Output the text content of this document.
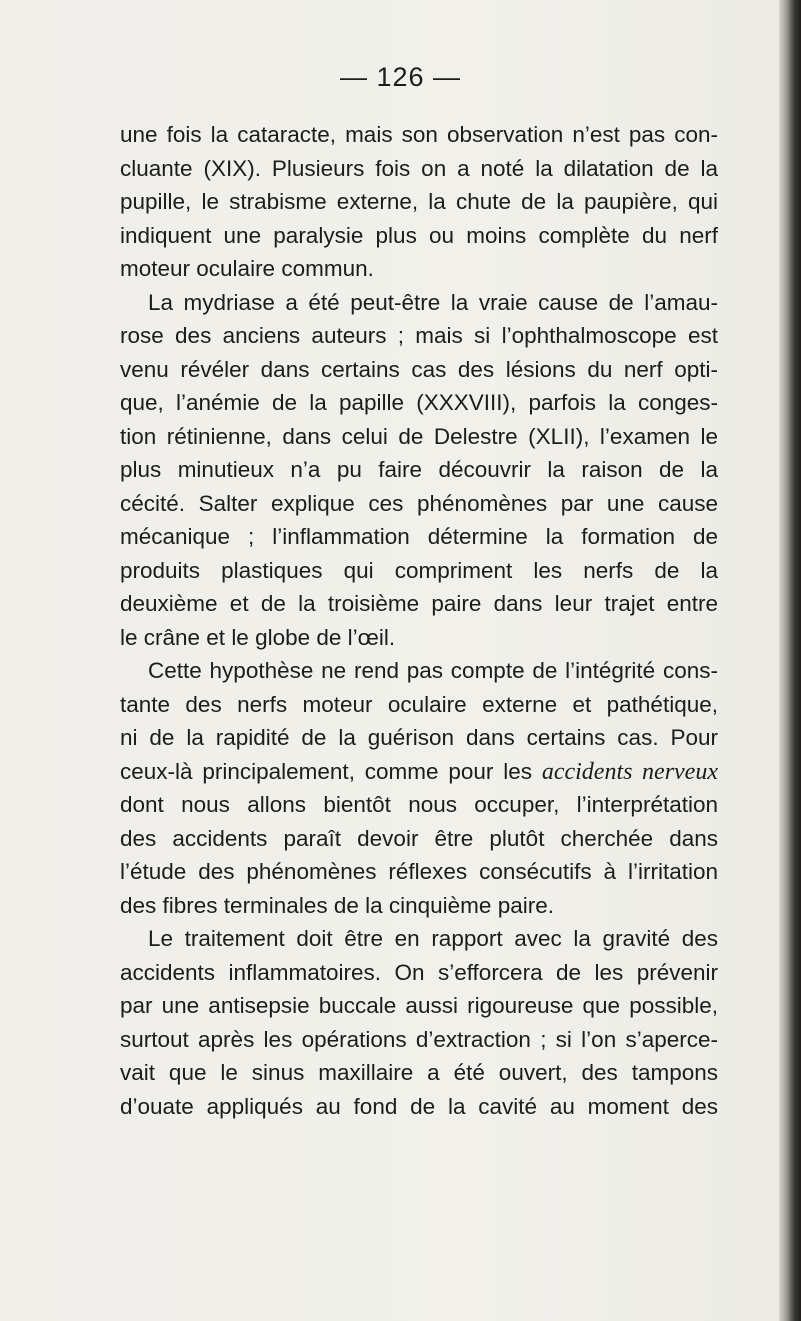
— 126 —
une fois la cataracte, mais son observation n’est pas con-
cluante (XIX). Plusieurs fois on a noté la dilatation de la
pupille, le strabisme externe, la chute de la paupière, qui
indiquent une paralysie plus ou moins complète du nerf
moteur oculaire commun.
La mydriase a été peut-être la vraie cause de l’amau-
rose des anciens auteurs ; mais si l’ophthalmoscope est
venu révéler dans certains cas des lésions du nerf opti-
que, l’anémie de la papille (XXXVIII), parfois la conges-
tion rétinienne, dans celui de Delestre (XLII), l’examen le
plus minutieux n’a pu faire découvrir la raison de la
cécité. Salter explique ces phénomènes par une cause
mécanique ; l’inflammation détermine la formation de
produits plastiques qui compriment les nerfs de la
deuxième et de la troisième paire dans leur trajet entre
le crâne et le globe de l’œil.
Cette hypothèse ne rend pas compte de l’intégrité cons-
tante des nerfs moteur oculaire externe et pathétique,
ni de la rapidité de la guérison dans certains cas. Pour
ceux-là principalement, comme pour les accidents nerveux
dont nous allons bientôt nous occuper, l’interprétation
des accidents paraît devoir être plutôt cherchée dans
l’étude des phénomènes réflexes consécutifs à l’irritation
des fibres terminales de la cinquième paire.
Le traitement doit être en rapport avec la gravité des
accidents inflammatoires. On s’efforcera de les prévenir
par une antisepsie buccale aussi rigoureuse que possible,
surtout après les opérations d’extraction ; si l’on s’aperce-
vait que le sinus maxillaire a été ouvert, des tampons
d’ouate appliqués au fond de la cavité au moment des
